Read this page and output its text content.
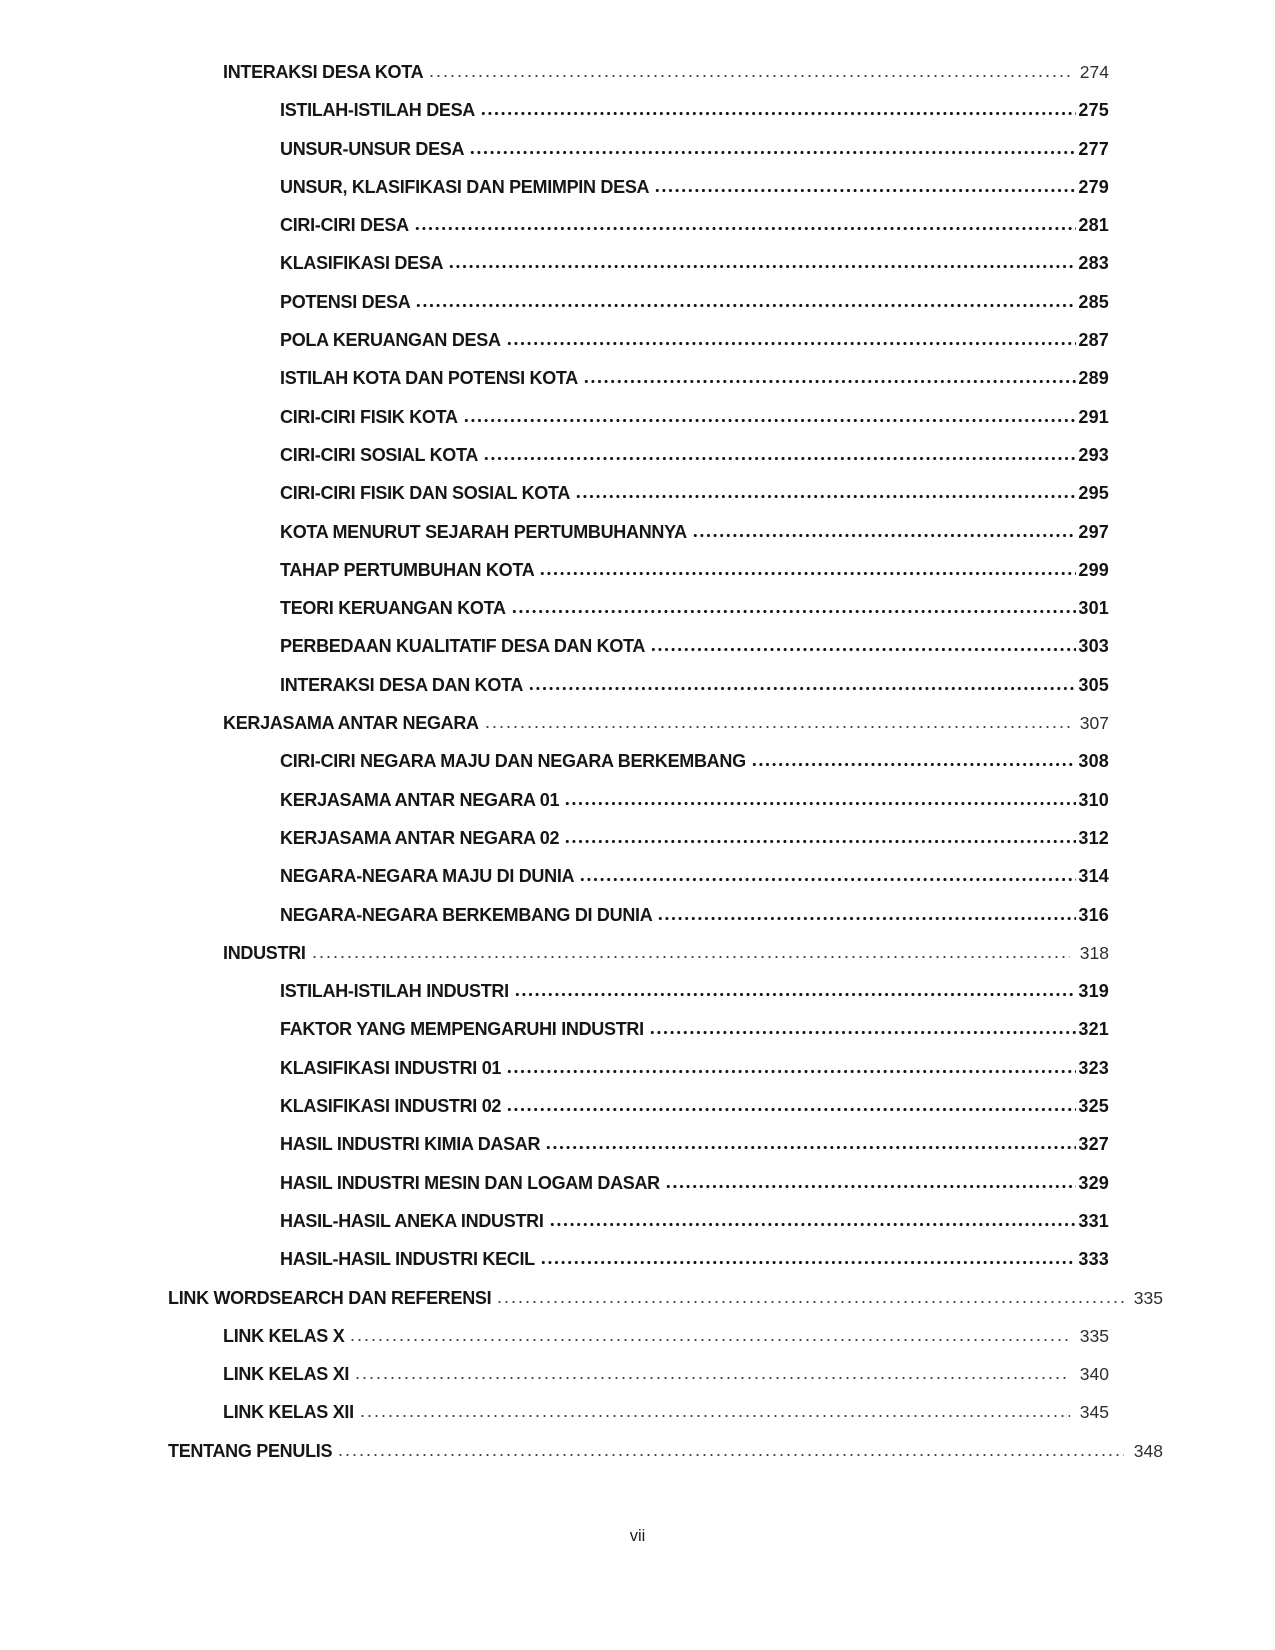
INTERAKSI DESA KOTA	274
ISTILAH-ISTILAH DESA	275
UNSUR-UNSUR DESA	277
UNSUR, KLASIFIKASI DAN PEMIMPIN DESA	279
CIRI-CIRI DESA	281
KLASIFIKASI DESA	283
POTENSI DESA	285
POLA KERUANGAN DESA	287
ISTILAH KOTA DAN POTENSI KOTA	289
CIRI-CIRI FISIK KOTA	291
CIRI-CIRI SOSIAL KOTA	293
CIRI-CIRI FISIK DAN SOSIAL KOTA	295
KOTA MENURUT SEJARAH PERTUMBUHANNYA	297
TAHAP PERTUMBUHAN KOTA	299
TEORI KERUANGAN KOTA	301
PERBEDAAN KUALITATIF DESA DAN KOTA	303
INTERAKSI DESA DAN KOTA	305
KERJASAMA ANTAR NEGARA	307
CIRI-CIRI NEGARA MAJU DAN NEGARA BERKEMBANG	308
KERJASAMA ANTAR NEGARA 01	310
KERJASAMA ANTAR NEGARA 02	312
NEGARA-NEGARA MAJU DI DUNIA	314
NEGARA-NEGARA BERKEMBANG DI DUNIA	316
INDUSTRI	318
ISTILAH-ISTILAH INDUSTRI	319
FAKTOR YANG MEMPENGARUHI INDUSTRI	321
KLASIFIKASI INDUSTRI 01	323
KLASIFIKASI INDUSTRI 02	325
HASIL INDUSTRI KIMIA DASAR	327
HASIL INDUSTRI MESIN DAN LOGAM DASAR	329
HASIL-HASIL ANEKA INDUSTRI	331
HASIL-HASIL INDUSTRI KECIL	333
LINK WORDSEARCH DAN REFERENSI	335
LINK KELAS X	335
LINK KELAS XI	340
LINK KELAS XII	345
TENTANG PENULIS	348
vii
